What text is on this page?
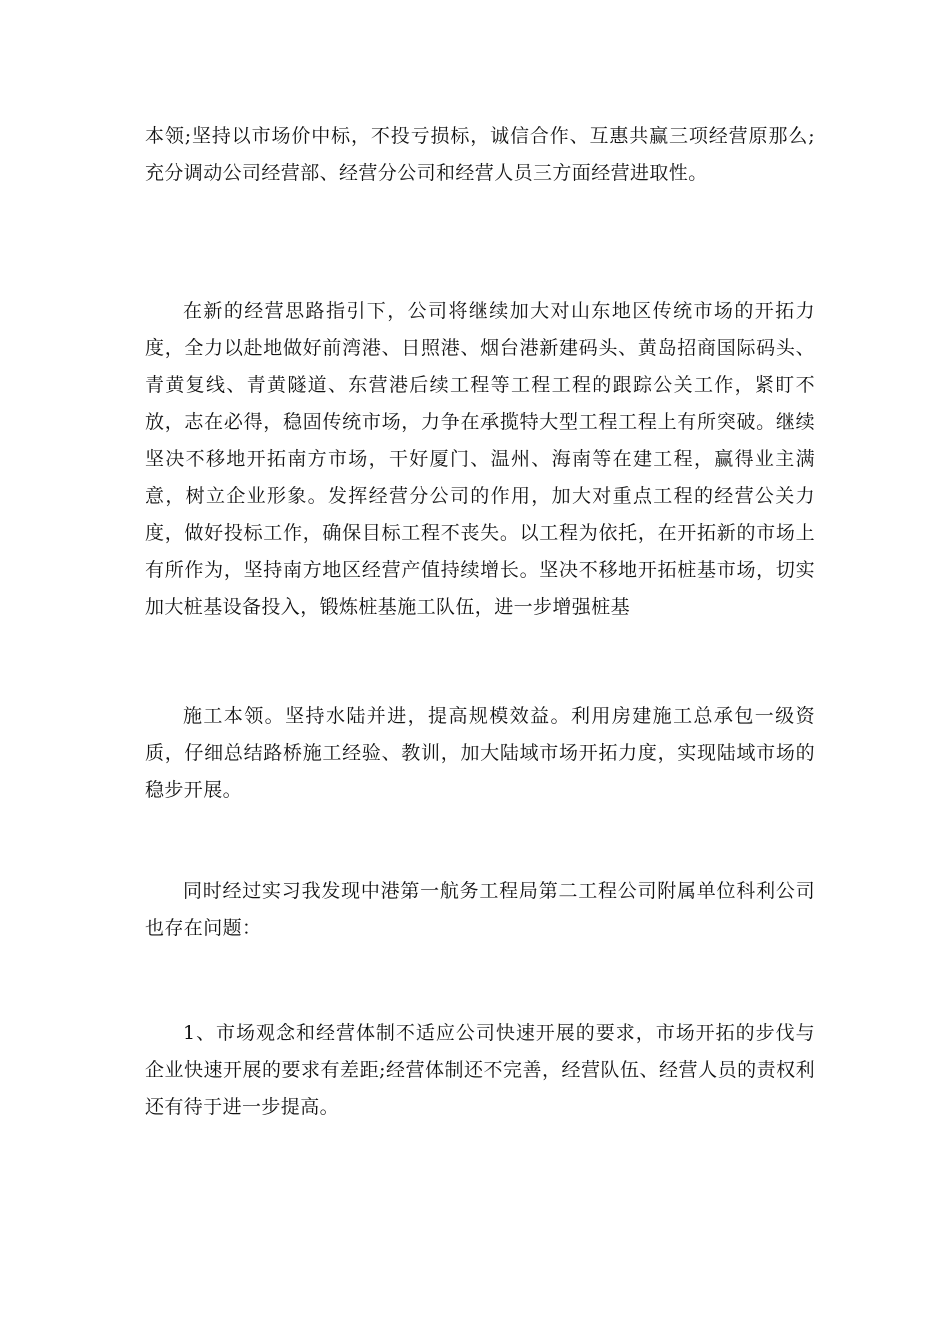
本领;坚持以市场价中标，不投亏损标，诚信合作、互惠共赢三项经营原那么;充分调动公司经营部、经营分公司和经营人员三方面经营进取性。

在新的经营思路指引下，公司将继续加大对山东地区传统市场的开拓力度，全力以赴地做好前湾港、日照港、烟台港新建码头、黄岛招商国际码头、青黄复线、青黄隧道、东营港后续工程等工程工程的跟踪公关工作，紧盯不放，志在必得，稳固传统市场，力争在承揽特大型工程工程上有所突破。继续坚决不移地开拓南方市场，干好厦门、温州、海南等在建工程，赢得业主满意，树立企业形象。发挥经营分公司的作用，加大对重点工程的经营公关力度，做好投标工作，确保目标工程不丧失。以工程为依托，在开拓新的市场上有所作为，坚持南方地区经营产值持续增长。坚决不移地开拓桩基市场，切实加大桩基设备投入，锻炼桩基施工队伍，进一步增强桩基

施工本领。坚持水陆并进，提高规模效益。利用房建施工总承包一级资质，仔细总结路桥施工经验、教训，加大陆域市场开拓力度，实现陆域市场的稳步开展。

同时经过实习我发现中港第一航务工程局第二工程公司附属单位科利公司也存在问题：

1、市场观念和经营体制不适应公司快速开展的要求，市场开拓的步伐与企业快速开展的要求有差距;经营体制还不完善，经营队伍、经营人员的责权利还有待于进一步提高。
